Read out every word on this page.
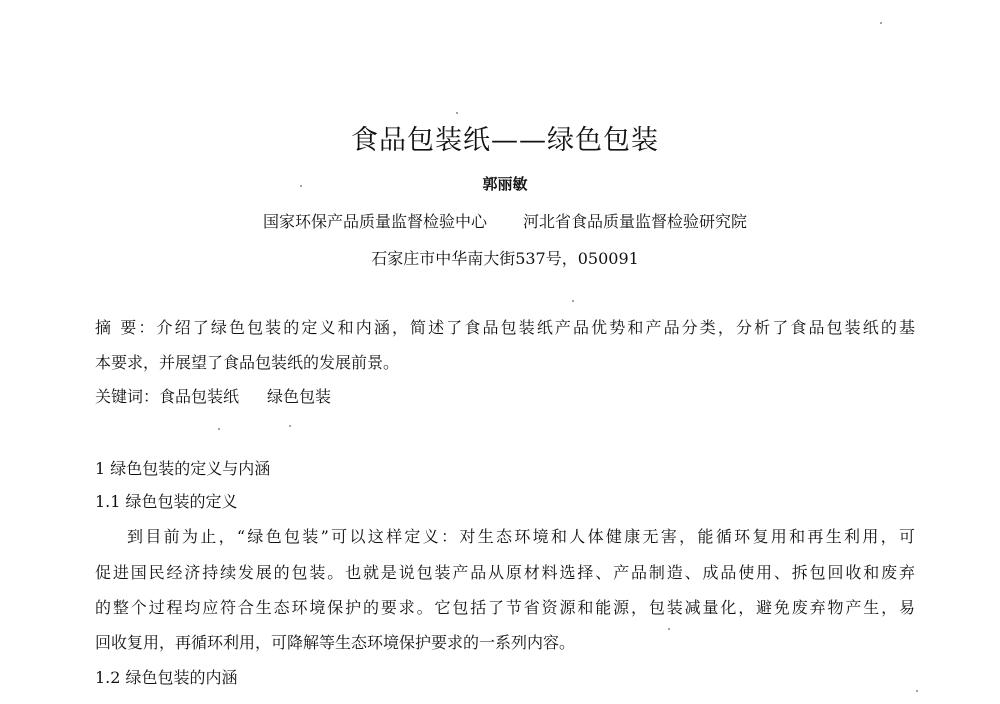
食品包装纸——绿色包装
郭丽敏
国家环保产品质量监督检验中心 河北省食品质量监督检验研究院
石家庄市中华南大街537号，050091
摘 要：介绍了绿色包装的定义和内涵，简述了食品包装纸产品优势和产品分类，分析了食品包装纸的基
本要求，并展望了食品包装纸的发展前景。
关键词：食品包装纸 绿色包装
1 绿色包装的定义与内涵
1.1 绿色包装的定义
到目前为止，“绿色包装”可以这样定义：对生态环境和人体健康无害，能循环复用和再生利用，可
促进国民经济持续发展的包装。也就是说包装产品从原材料选择、产品制造、成品使用、拆包回收和废弃
的整个过程均应符合生态环境保护的要求。它包括了节省资源和能源，包装减量化，避免废弃物产生，易
回收复用，再循环利用，可降解等生态环境保护要求的一系列内容。
1.2 绿色包装的内涵
